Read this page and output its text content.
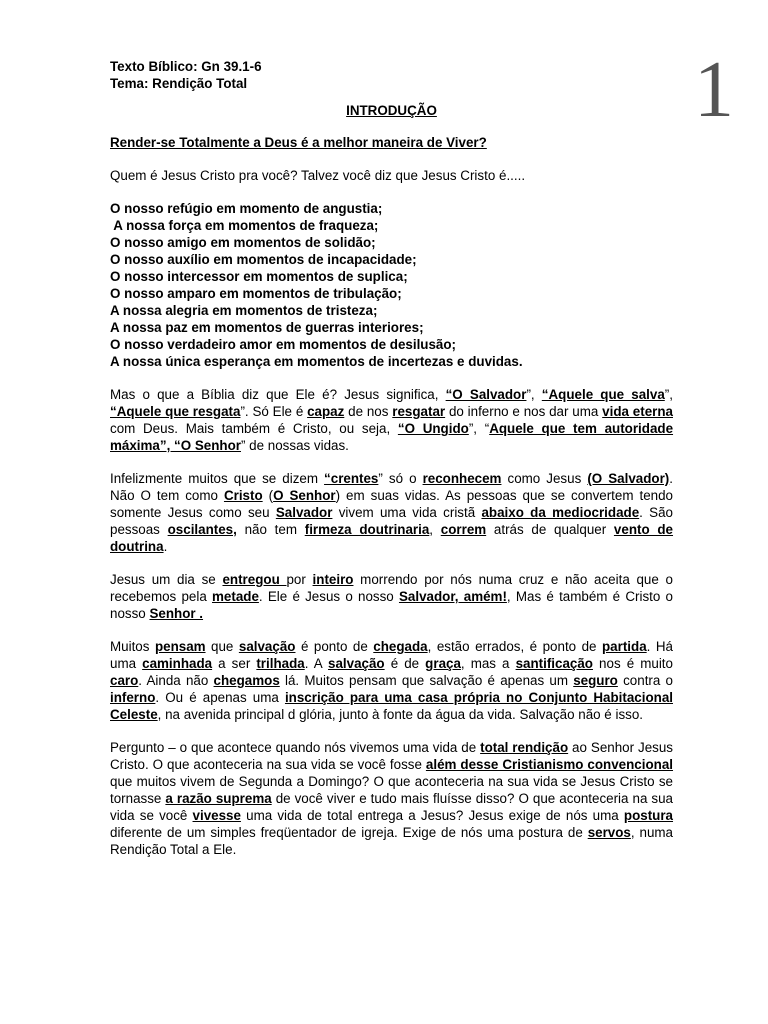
1
Texto Bíblico: Gn 39.1-6
Tema: Rendição Total
INTRODUÇÃO
Render-se Totalmente a Deus é a melhor maneira de Viver?

Quem é Jesus Cristo pra você? Talvez você diz que Jesus Cristo é.....

O nosso refúgio em momento de angustia;
A nossa força em momentos de fraqueza;
O nosso amigo em momentos de solidão;
O nosso auxílio em momentos de incapacidade;
O nosso intercessor em momentos de suplica;
O nosso amparo em momentos de tribulação;
A nossa alegria em momentos de tristeza;
A nossa paz em momentos de guerras interiores;
O nosso verdadeiro amor em momentos de desilusão;
A nossa única esperança em momentos de incertezas e duvidas.

Mas o que a Bíblia diz que Ele é? Jesus significa, “O Salvador”, “Aquele que salva”, “Aquele que resgata”. Só Ele é capaz de nos resgatar do inferno e nos dar uma vida eterna com Deus. Mais também é Cristo, ou seja, “O Ungido”, “Aquele que tem autoridade máxima”, “O Senhor” de nossas vidas.

Infelizmente muitos que se dizem “crentes” só o reconhecem como Jesus (O Salvador). Não O tem como Cristo (O Senhor) em suas vidas. As pessoas que se convertem tendo somente Jesus como seu Salvador vivem uma vida cristã abaixo da mediocridade. São pessoas oscilantes, não tem firmeza doutrinaria, correm atrás de qualquer vento de doutrina.

Jesus um dia se entregou por inteiro morrendo por nós numa cruz e não aceita que o recebemos pela metade. Ele é Jesus o nosso Salvador, amém!, Mas é também é Cristo o nosso Senhor .

Muitos pensam que salvação é ponto de chegada, estão errados, é ponto de partida. Há uma caminhada a ser trilhada. A salvação é de graça, mas a santificação nos é muito caro. Ainda não chegamos lá. Muitos pensam que salvação é apenas um seguro contra o inferno. Ou é apenas uma inscrição para uma casa própria no Conjunto Habitacional Celeste, na avenida principal d glória, junto à fonte da água da vida. Salvação não é isso.

Pergunto – o que acontece quando nós vivemos uma vida de total rendição ao Senhor Jesus Cristo. O que aconteceria na sua vida se você fosse além desse Cristianismo convencional que muitos vivem de Segunda a Domingo? O que aconteceria na sua vida se Jesus Cristo se tornasse a razão suprema de você viver e tudo mais fluísse disso? O que aconteceria na sua vida se você vivesse uma vida de total entrega a Jesus? Jesus exige de nós uma postura diferente de um simples freqüentador de igreja. Exige de nós uma postura de servos, numa Rendição Total a Ele.
